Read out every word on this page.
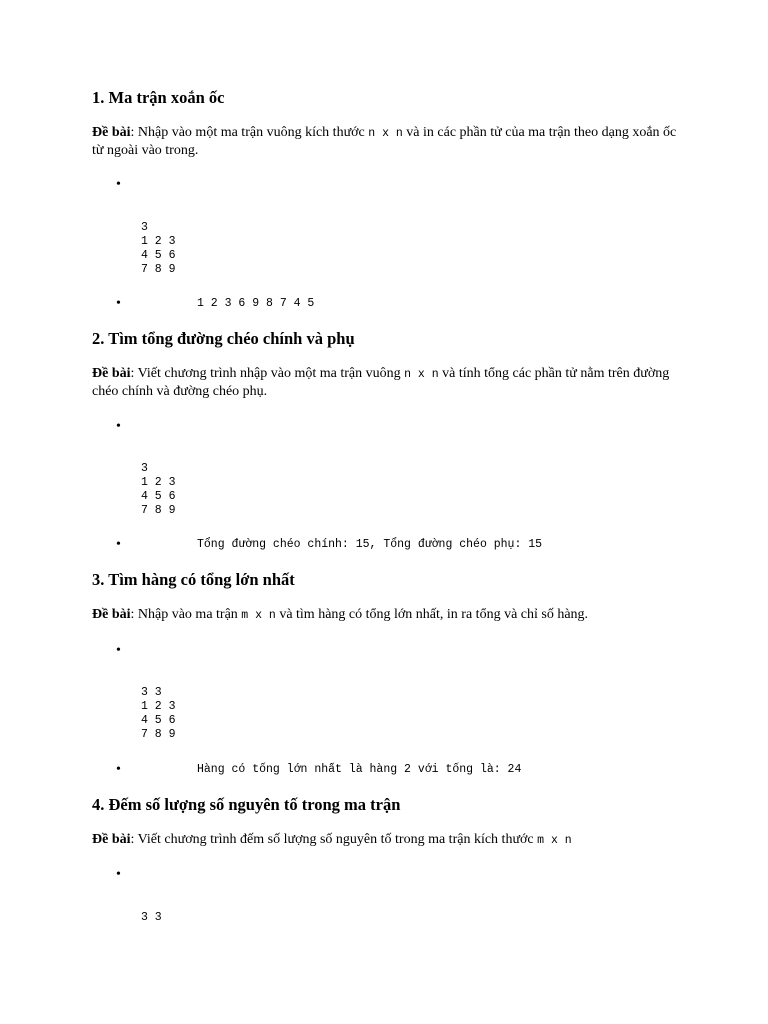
1. Ma trận xoắn ốc

Đề bài: Nhập vào một ma trận vuông kích thước n x n và in các phần tử của ma trận theo dạng xoắn ốc từ ngoài vào trong.

•
3
1 2 3
4 5 6
7 8 9
•	1 2 3 6 9 8 7 4 5
2. Tìm tổng đường chéo chính và phụ

Đề bài: Viết chương trình nhập vào một ma trận vuông n x n và tính tổng các phần tử nằm trên đường chéo chính và đường chéo phụ.

•
3
1 2 3
4 5 6
7 8 9
•	Tổng đường chéo chính: 15, Tổng đường chéo phụ: 15
3. Tìm hàng có tổng lớn nhất

Đề bài: Nhập vào ma trận m x n và tìm hàng có tổng lớn nhất, in ra tổng và chỉ số hàng.

•
3 3
1 2 3
4 5 6
7 8 9
•	Hàng có tổng lớn nhất là hàng 2 với tổng là: 24
4. Đếm số lượng số nguyên tố trong ma trận

Đề bài: Viết chương trình đếm số lượng số nguyên tố trong ma trận kích thước m x n

•
3 3
